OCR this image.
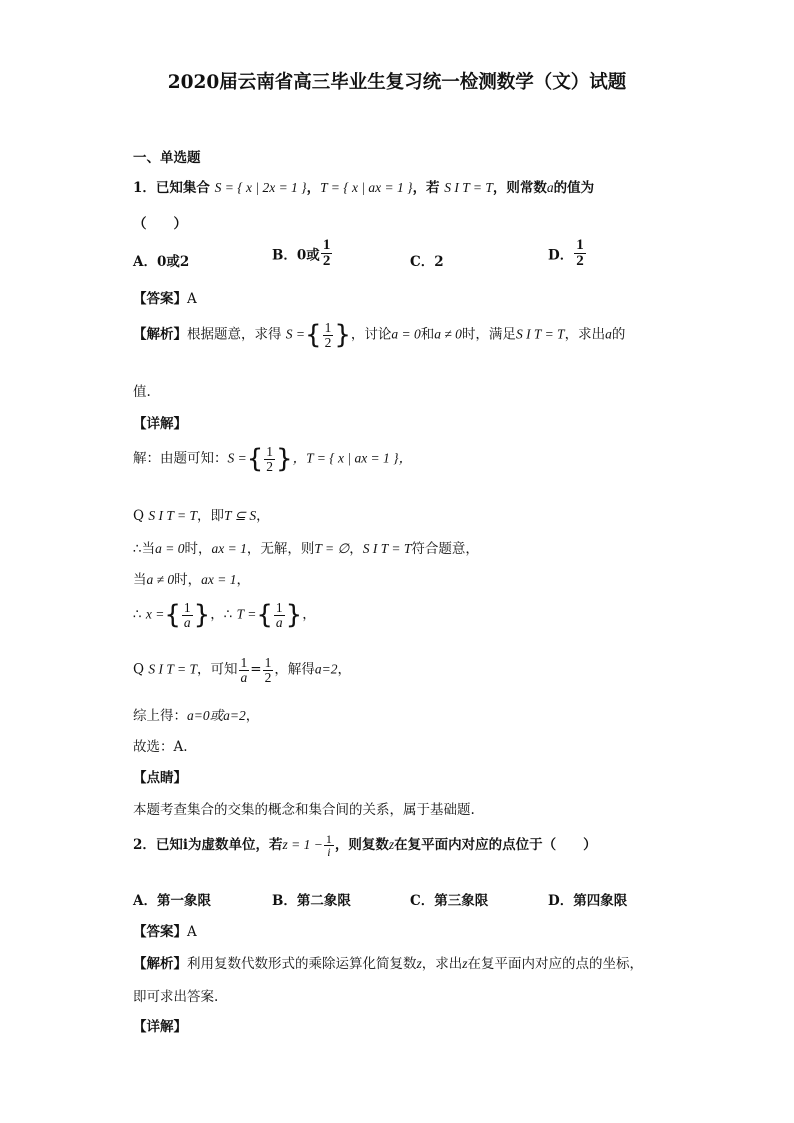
2020届云南省高三毕业生复习统一检测数学（文）试题
一、单选题
1．已知集合 S = { x | 2x = 1 }，T = { x | ax = 1 }，若 S I T = T，则常数a的值为
（　　）
A．0或2	B．0或 $\frac{1}{2}$	C．2	D． $\frac{1}{2}$
【答案】A
【解析】根据题意，求得 S ={ $\frac{1}{2}$ }，讨论a = 0和a ≠ 0时，满足S I T = T，求出a的
值.
【详解】
解：由题可知：S ={ $\frac{1}{2}$ }，T = { x | ax = 1 }，
Q S I T = T，即T ⊆ S，
∴当a = 0时，ax = 1，无解，则T = ∅，S I T = T符合题意，
当a ≠ 0时，ax = 1，
∴ x ={ $\frac{1}{a}$ }，∴ T ={ $\frac{1}{a}$ }，
Q S I T = T，可知 $\frac{1}{a} = \frac{1}{2}$ ，解得a=2，
综上得：a=0或a=2，
故选：A.
【点睛】
本题考查集合的交集的概念和集合间的关系，属于基础题.
2．已知i为虚数单位，若$z = 1 - \frac{1}{i}$ ，则复数z在复平面内对应的点位于（　　）
A．第一象限	B．第二象限	C．第三象限	D．第四象限
【答案】A
【解析】利用复数代数形式的乘除运算化简复数z，求出z在复平面内对应的点的坐标，
即可求出答案.
【详解】
